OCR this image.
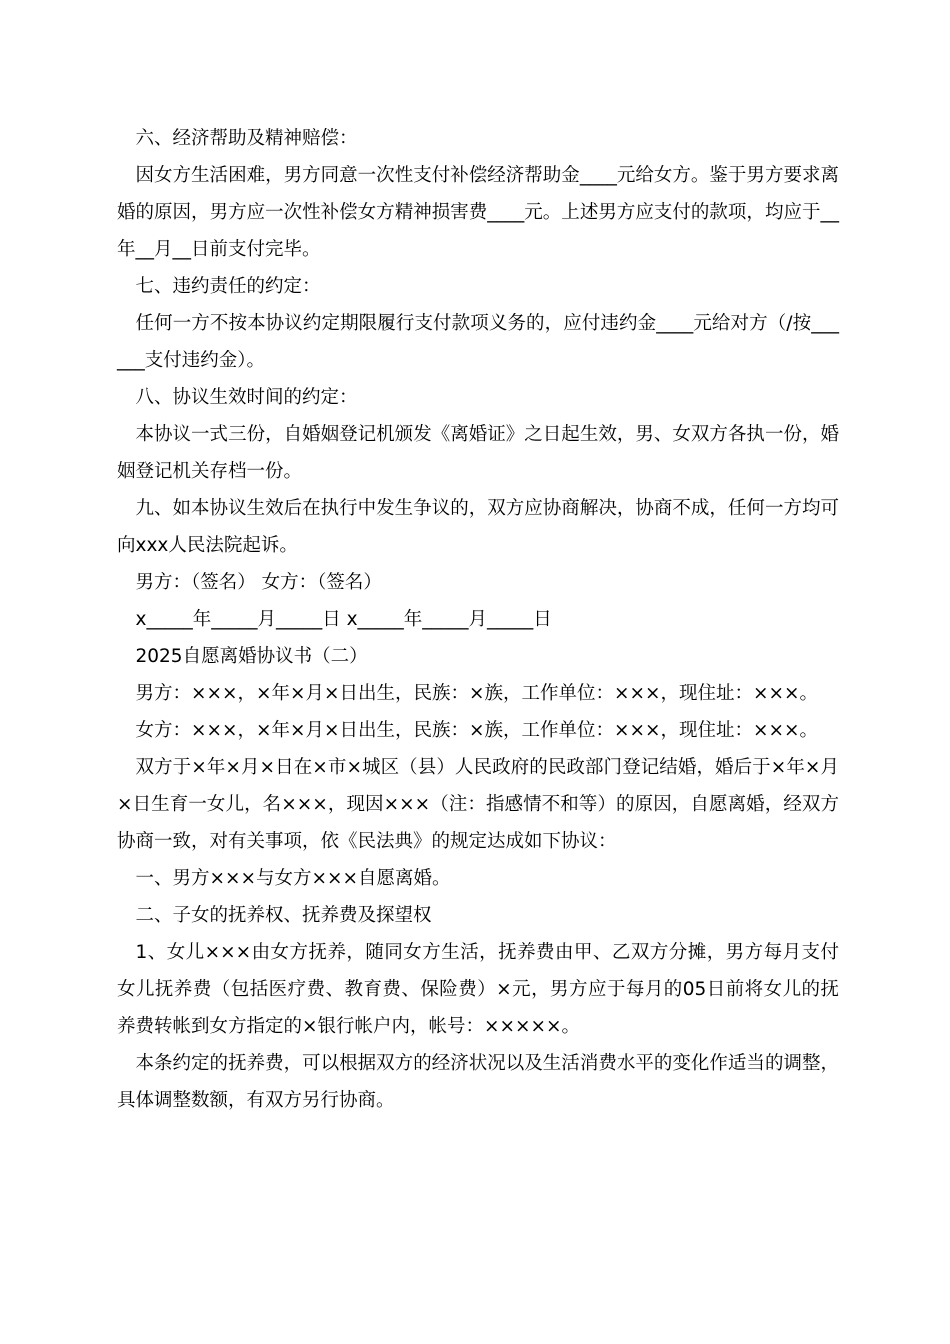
六、经济帮助及精神赔偿：

因女方生活困难，男方同意一次性支付补偿经济帮助金____元给女方。鉴于男方要求离婚的原因，男方应一次性补偿女方精神损害费____元。上述男方应支付的款项，均应于__年__月__日前支付完毕。

七、违约责任的约定：

任何一方不按本协议约定期限履行支付款项义务的，应付违约金____元给对方（/按______支付违约金）。

八、协议生效时间的约定：

本协议一式三份，自婚姻登记机颁发《离婚证》之日起生效，男、女双方各执一份，婚姻登记机关存档一份。

九、如本协议生效后在执行中发生争议的，双方应协商解决，协商不成，任何一方均可向xxx人民法院起诉。

男方：（签名） 女方：（签名）

x_____年_____月_____日 x_____年_____月_____日

2025自愿离婚协议书（二）

男方：×××，×年×月×日出生，民族：×族，工作单位：×××，现住址：×××。

女方：×××，×年×月×日出生，民族：×族，工作单位：×××，现住址：×××。

双方于×年×月×日在×市×城区（县）人民政府的民政部门登记结婚，婚后于×年×月×日生育一女儿，名×××，现因×××（注：指感情不和等）的原因，自愿离婚，经双方协商一致，对有关事项，依《民法典》的规定达成如下协议：

一、男方×××与女方×××自愿离婚。

二、子女的抚养权、抚养费及探望权

1、女儿×××由女方抚养，随同女方生活，抚养费由甲、乙双方分摊，男方每月支付女儿抚养费（包括医疗费、教育费、保险费）×元，男方应于每月的05日前将女儿的抚养费转帐到女方指定的×银行帐户内，帐号：×××××。

本条约定的抚养费，可以根据双方的经济状况以及生活消费水平的变化作适当的调整，具体调整数额，有双方另行协商。
